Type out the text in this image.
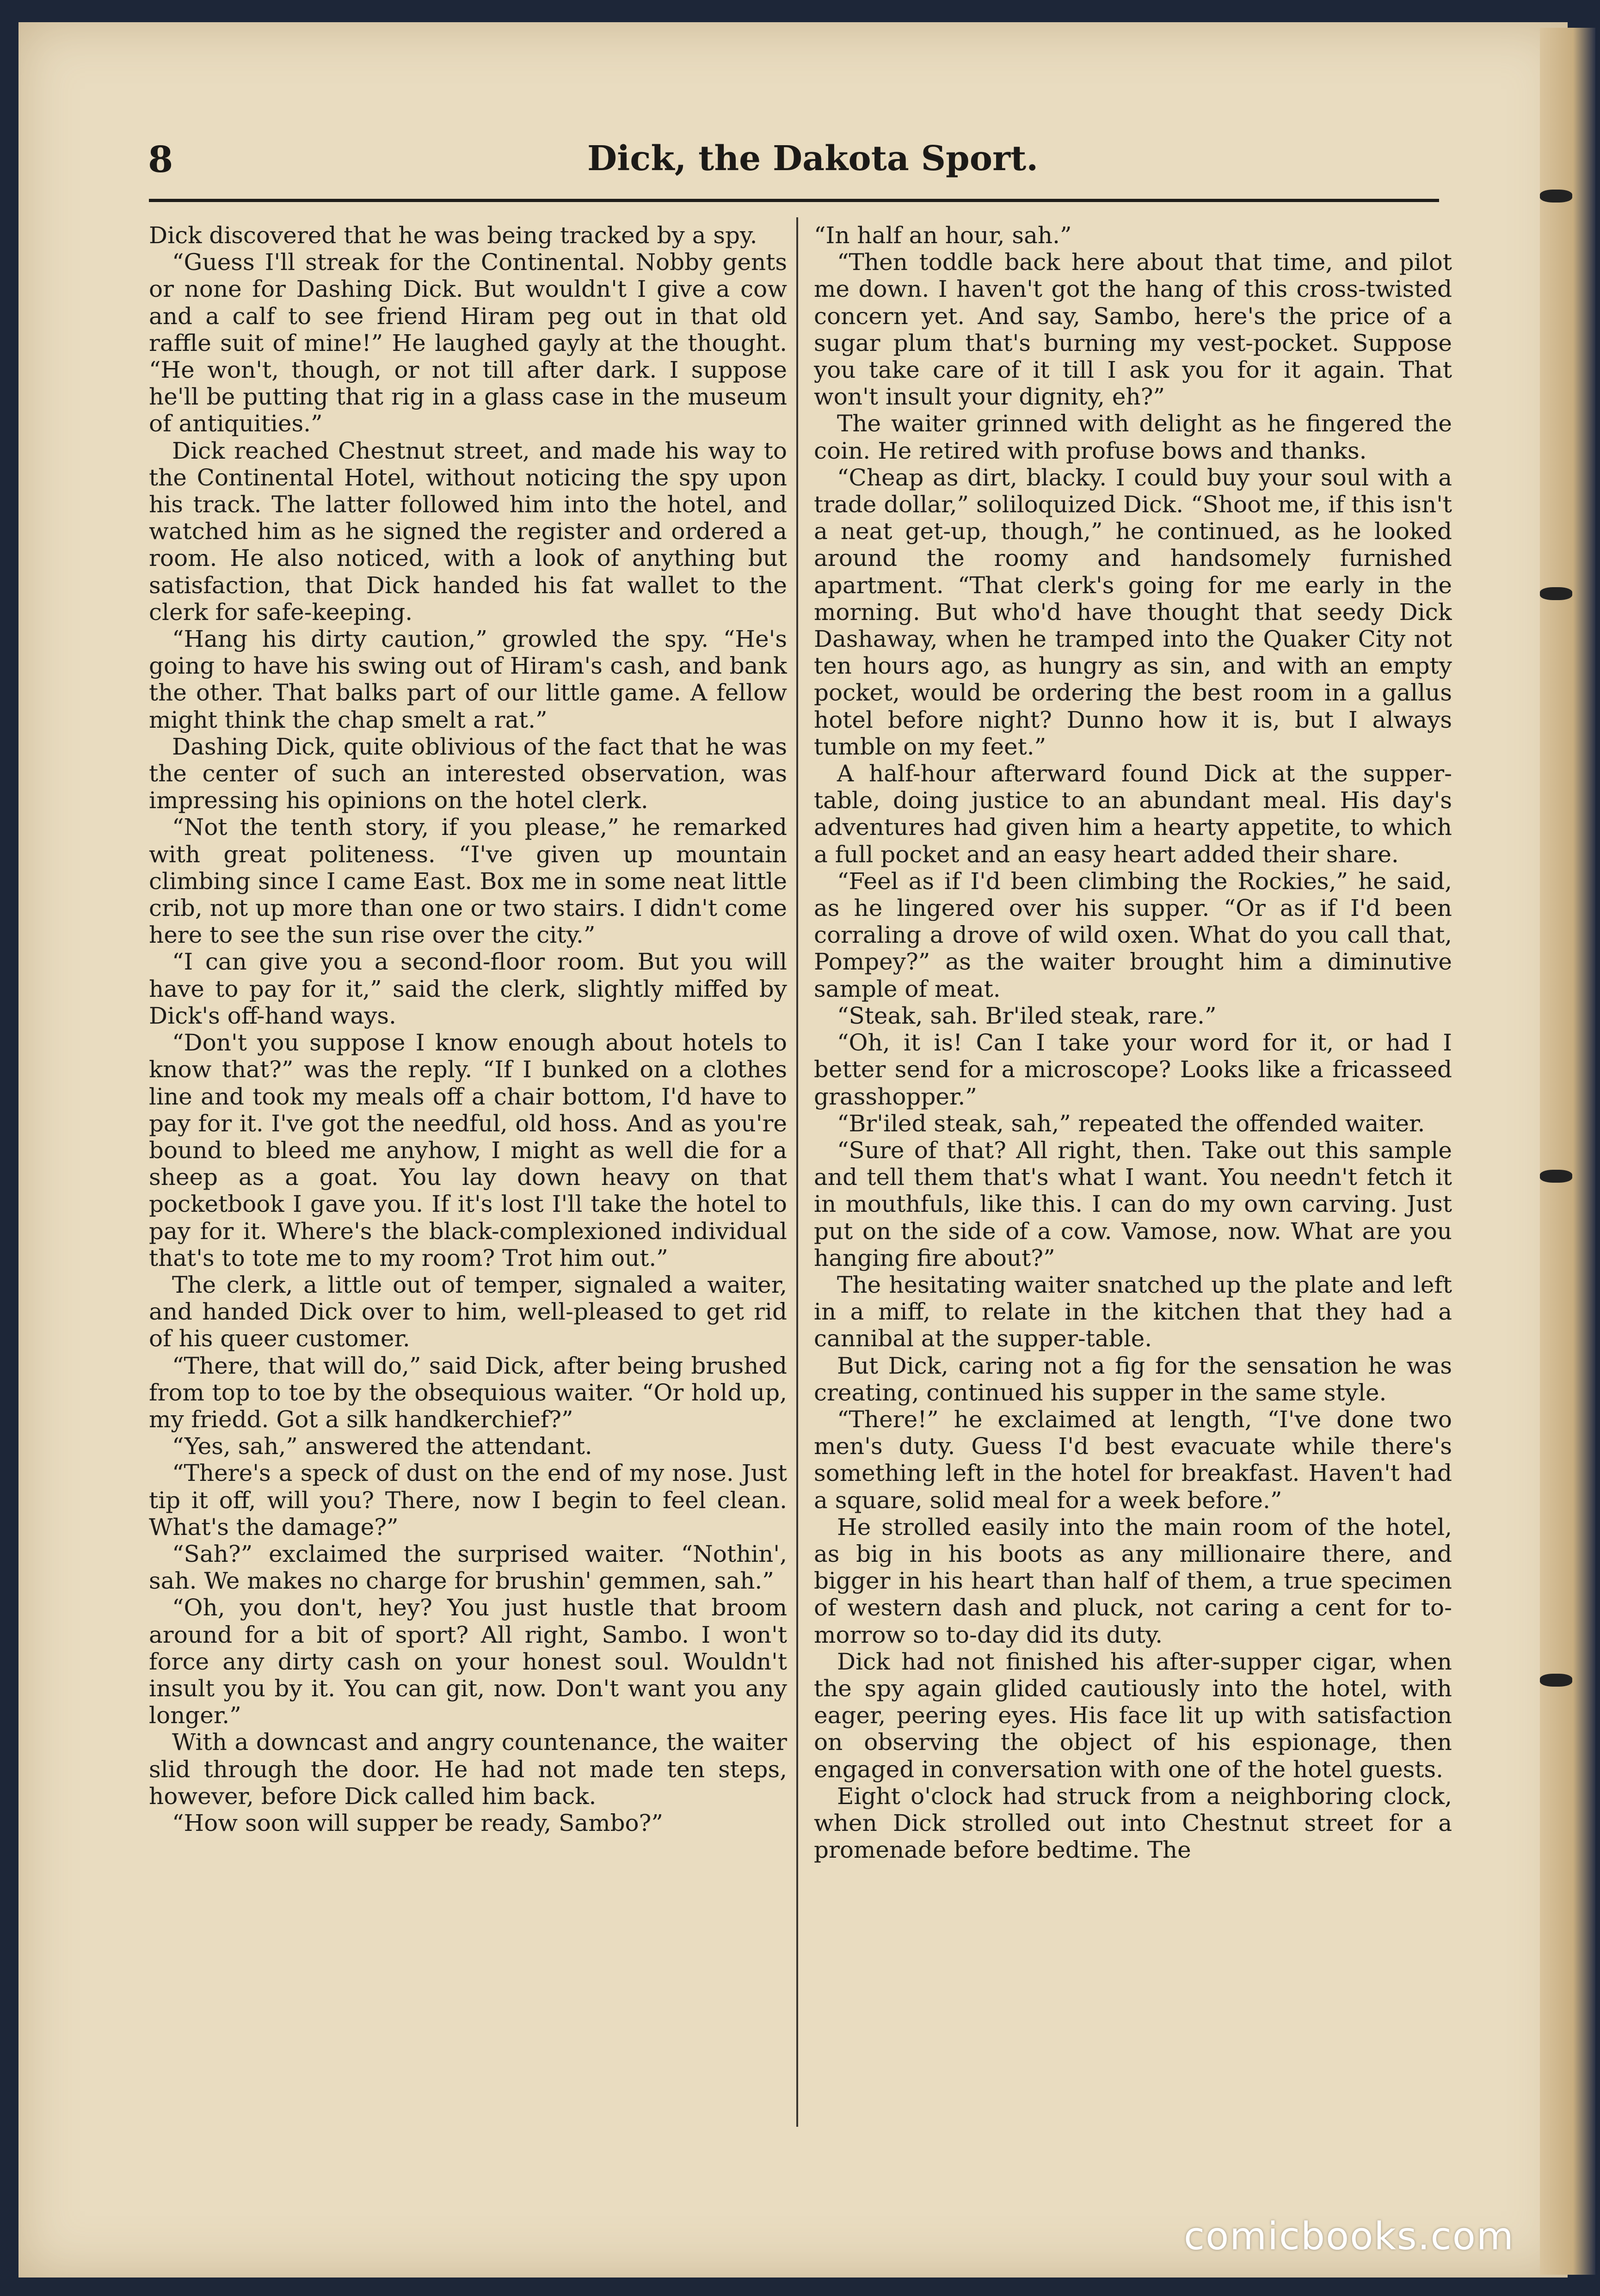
8	Dick, the Dakota Sport.

Dick discovered that he was being tracked by a spy.

“Guess I'll streak for the Continental. Nobby gents or none for Dashing Dick. But wouldn't I give a cow and a calf to see friend Hiram peg out in that old raffle suit of mine!” He laughed gayly at the thought. “He won't, though, or not till after dark. I suppose he'll be putting that rig in a glass case in the museum of antiquities.”

Dick reached Chestnut street, and made his way to the Continental Hotel, without noticing the spy upon his track. The latter followed him into the hotel, and watched him as he signed the register and ordered a room. He also noticed, with a look of anything but satisfaction, that Dick handed his fat wallet to the clerk for safe-keeping.

“Hang his dirty caution,” growled the spy. “He's going to have his swing out of Hiram's cash, and bank the other. That balks part of our little game. A fellow might think the chap smelt a rat.”

Dashing Dick, quite oblivious of the fact that he was the center of such an interested observation, was impressing his opinions on the hotel clerk.

“Not the tenth story, if you please,” he remarked with great politeness. “I've given up mountain climbing since I came East. Box me in some neat little crib, not up more than one or two stairs. I didn't come here to see the sun rise over the city.”

“I can give you a second-floor room. But you will have to pay for it,” said the clerk, slightly miffed by Dick's off-hand ways.

“Don't you suppose I know enough about hotels to know that?” was the reply. “If I bunked on a clothes line and took my meals off a chair bottom, I'd have to pay for it. I've got the needful, old hoss. And as you're bound to bleed me anyhow, I might as well die for a sheep as a goat. You lay down heavy on that pocketbook I gave you. If it's lost I'll take the hotel to pay for it. Where's the black-complexioned individual that's to tote me to my room? Trot him out.”

The clerk, a little out of temper, signaled a waiter, and handed Dick over to him, well-pleased to get rid of his queer customer.

“There, that will do,” said Dick, after being brushed from top to toe by the obsequious waiter. “Or hold up, my friedd. Got a silk handkerchief?”

“Yes, sah,” answered the attendant.

“There's a speck of dust on the end of my nose. Just tip it off, will you? There, now I begin to feel clean. What's the damage?”

“Sah?” exclaimed the surprised waiter. “Nothin', sah. We makes no charge for brushin' gemmen, sah.”

“Oh, you don't, hey? You just hustle that broom around for a bit of sport? All right, Sambo. I won't force any dirty cash on your honest soul. Wouldn't insult you by it. You can git, now. Don't want you any longer.”

With a downcast and angry countenance, the waiter slid through the door. He had not made ten steps, however, before Dick called him back.

“How soon will supper be ready, Sambo?”

“In half an hour, sah.”

“Then toddle back here about that time, and pilot me down. I haven't got the hang of this cross-twisted concern yet. And say, Sambo, here's the price of a sugar plum that's burning my vest-pocket. Suppose you take care of it till I ask you for it again. That won't insult your dignity, eh?”

The waiter grinned with delight as he fingered the coin. He retired with profuse bows and thanks.

“Cheap as dirt, blacky. I could buy your soul with a trade dollar,” soliloquized Dick. “Shoot me, if this isn't a neat get-up, though,” he continued, as he looked around the roomy and handsomely furnished apartment. “That clerk's going for me early in the morning. But who'd have thought that seedy Dick Dashaway, when he tramped into the Quaker City not ten hours ago, as hungry as sin, and with an empty pocket, would be ordering the best room in a gallus hotel before night? Dunno how it is, but I always tumble on my feet.”

A half-hour afterward found Dick at the supper-table, doing justice to an abundant meal. His day's adventures had given him a hearty appetite, to which a full pocket and an easy heart added their share.

“Feel as if I'd been climbing the Rockies,” he said, as he lingered over his supper. “Or as if I'd been corraling a drove of wild oxen. What do you call that, Pompey?” as the waiter brought him a diminutive sample of meat.

“Steak, sah. Br'iled steak, rare.”

“Oh, it is! Can I take your word for it, or had I better send for a microscope? Looks like a fricasseed grasshopper.”

“Br'iled steak, sah,” repeated the offended waiter.

“Sure of that? All right, then. Take out this sample and tell them that's what I want. You needn't fetch it in mouthfuls, like this. I can do my own carving. Just put on the side of a cow. Vamose, now. What are you hanging fire about?”

The hesitating waiter snatched up the plate and left in a miff, to relate in the kitchen that they had a cannibal at the supper-table.

But Dick, caring not a fig for the sensation he was creating, continued his supper in the same style.

“There!” he exclaimed at length, “I've done two men's duty. Guess I'd best evacuate while there's something left in the hotel for breakfast. Haven't had a square, solid meal for a week before.”

He strolled easily into the main room of the hotel, as big in his boots as any millionaire there, and bigger in his heart than half of them, a true specimen of western dash and pluck, not caring a cent for to-morrow so to-day did its duty.

Dick had not finished his after-supper cigar, when the spy again glided cautiously into the hotel, with eager, peering eyes. His face lit up with satisfaction on observing the object of his espionage, then engaged in conversation with one of the hotel guests.

Eight o'clock had struck from a neighboring clock, when Dick strolled out into Chestnut street for a promenade before bedtime. The

comicbooks.com
